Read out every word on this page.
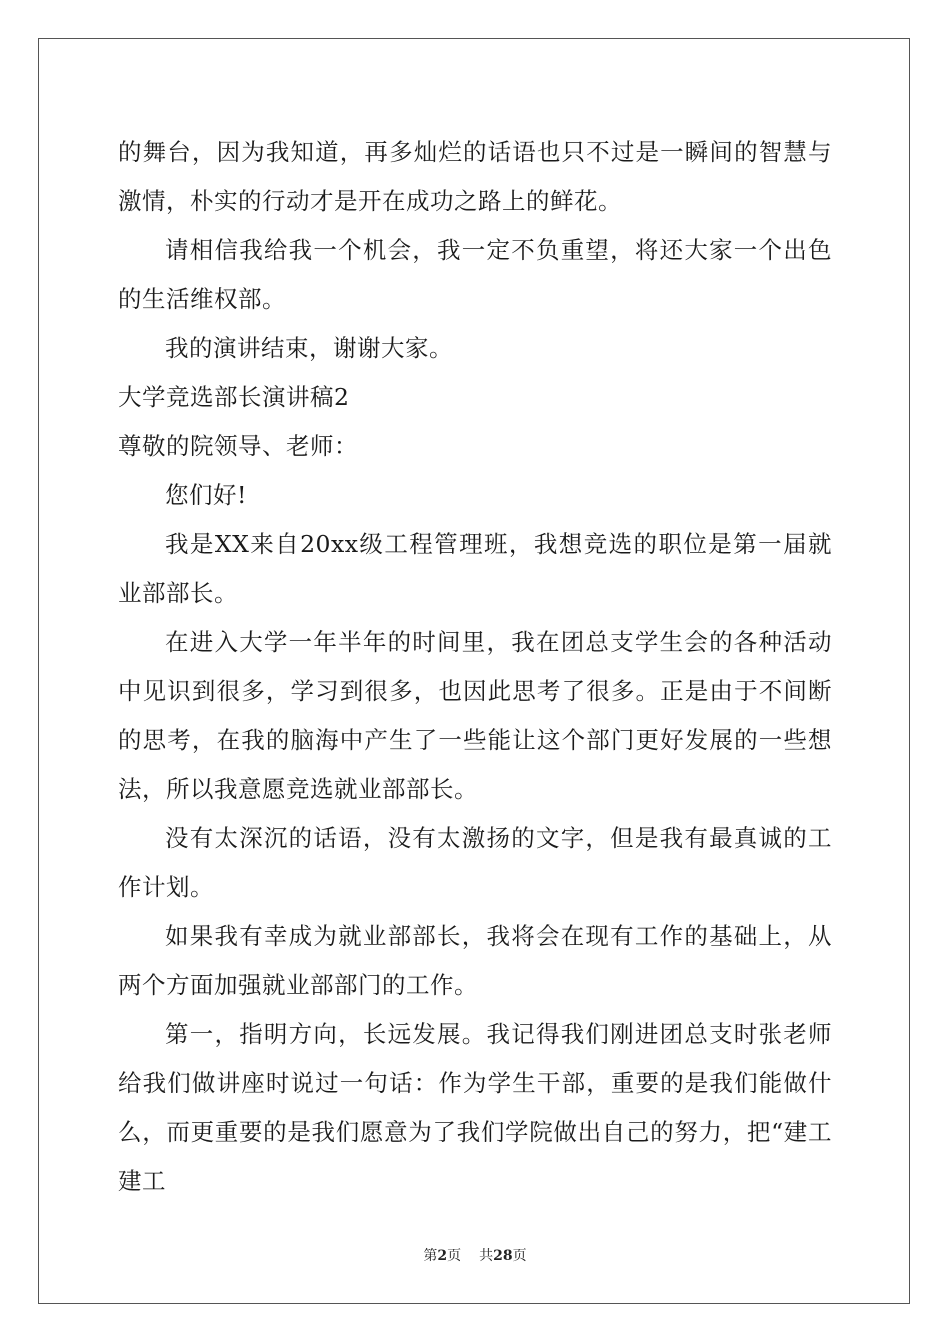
的舞台，因为我知道，再多灿烂的话语也只不过是一瞬间的智慧与激情，朴实的行动才是开在成功之路上的鲜花。

请相信我给我一个机会，我一定不负重望，将还大家一个出色的生活维权部。

我的演讲结束，谢谢大家。

大学竞选部长演讲稿2

尊敬的院领导、老师：

您们好!

我是XX来自20xx级工程管理班，我想竞选的职位是第一届就业部部长。

在进入大学一年半年的时间里，我在团总支学生会的各种活动中见识到很多，学习到很多，也因此思考了很多。正是由于不间断的思考，在我的脑海中产生了一些能让这个部门更好发展的一些想法，所以我意愿竞选就业部部长。

没有太深沉的话语，没有太激扬的文字，但是我有最真诚的工作计划。

如果我有幸成为就业部部长，我将会在现有工作的基础上，从两个方面加强就业部部门的工作。

第一，指明方向，长远发展。我记得我们刚进团总支时张老师给我们做讲座时说过一句话：作为学生干部，重要的是我们能做什么，而更重要的是我们愿意为了我们学院做出自己的努力，把“建工建工

第2页 共28页
